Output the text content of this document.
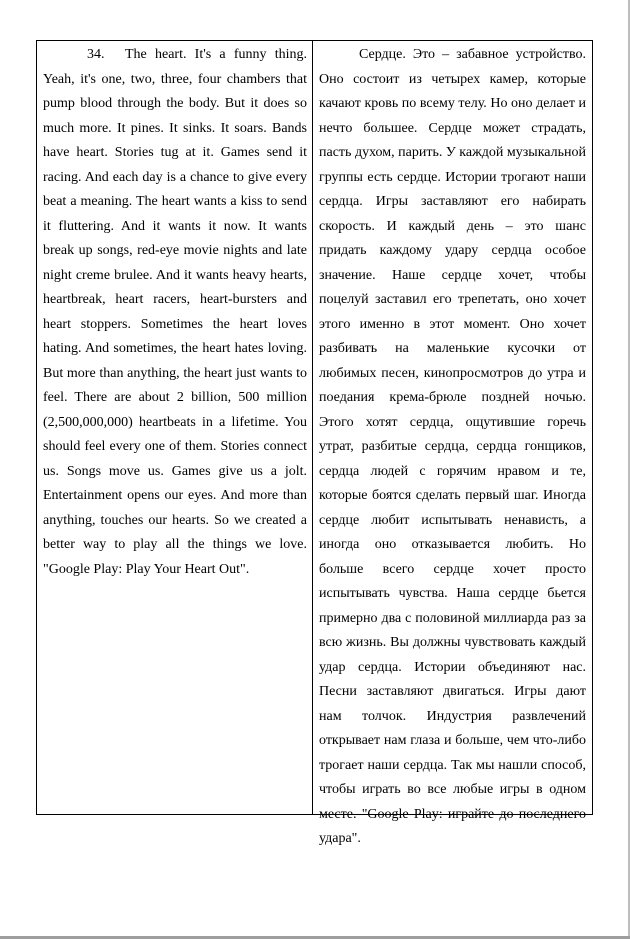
34. The heart. It's a funny thing. Yeah, it's one, two, three, four chambers that pump blood through the body. But it does so much more. It pines. It sinks. It soars. Bands have heart. Stories tug at it. Games send it racing. And each day is a chance to give every beat a meaning. The heart wants a kiss to send it fluttering. And it wants it now. It wants break up songs, red-eye movie nights and late night creme brulee. And it wants heavy hearts, heartbreak, heart racers, heart-bursters and heart stoppers. Sometimes the heart loves hating. And sometimes, the heart hates loving. But more than anything, the heart just wants to feel. There are about 2 billion, 500 million (2,500,000,000) heartbeats in a lifetime. You should feel every one of them. Stories connect us. Songs move us. Games give us a jolt. Entertainment opens our eyes. And more than anything, touches our hearts. So we created a better way to play all the things we love. "Google Play: Play Your Heart Out".

Сердце. Это – забавное устройство. Оно состоит из четырех камер, которые качают кровь по всему телу. Но оно делает и нечто большее. Сердце может страдать, пасть духом, парить. У каждой музыкальной группы есть сердце. Истории трогают наши сердца. Игры заставляют его набирать скорость. И каждый день – это шанс придать каждому удару сердца особое значение. Наше сердце хочет, чтобы поцелуй заставил его трепетать, оно хочет этого именно в этот момент. Оно хочет разбивать на маленькие кусочки от любимых песен, кинопросмотров до утра и поедания крема-брюле поздней ночью. Этого хотят сердца, ощутившие горечь утрат, разбитые сердца, сердца гонщиков, сердца людей с горячим нравом и те, которые боятся сделать первый шаг. Иногда сердце любит испытывать ненависть, а иногда оно отказывается любить. Но больше всего сердце хочет просто испытывать чувства. Наша сердце бьется примерно два с половиной миллиарда раз за всю жизнь. Вы должны чувствовать каждый удар сердца. Истории объединяют нас. Песни заставляют двигаться. Игры дают нам толчок. Индустрия развлечений открывает нам глаза и больше, чем что-либо трогает наши сердца. Так мы нашли способ, чтобы играть во все любые игры в одном месте. "Google Play: играйте до последнего удара".
